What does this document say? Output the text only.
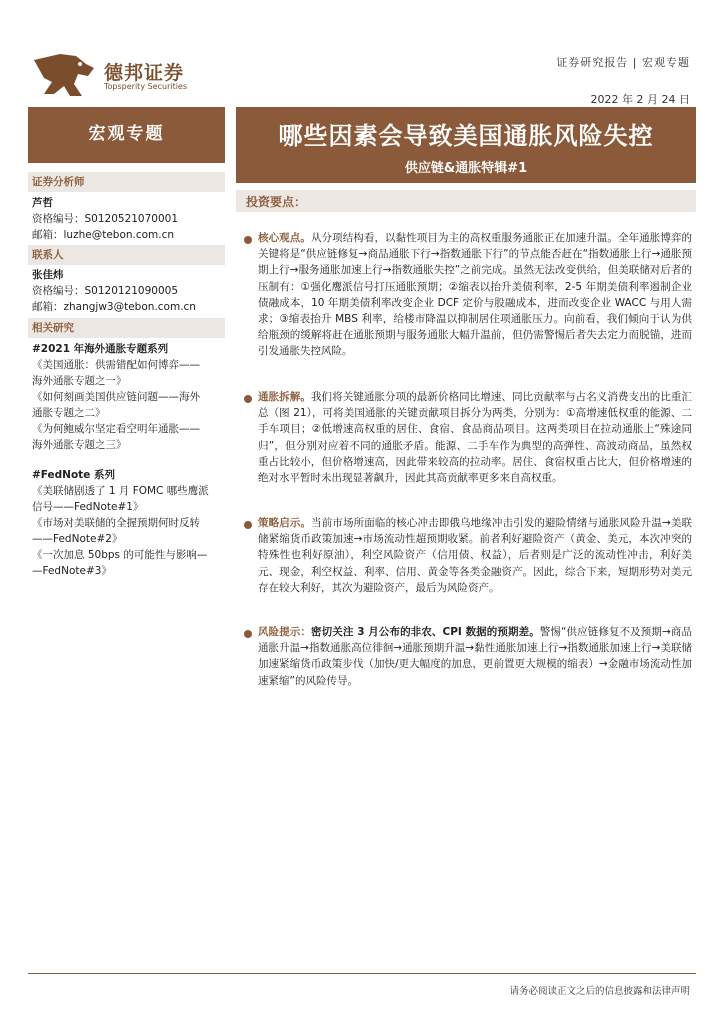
德邦证券
Topsperity Securities
证券研究报告 | 宏观专题
2022 年 2 月 24 日
宏观专题	哪些因素会导致美国通胀风险失控
供应链&通胀特辑#1
证券分析师
芦哲
资格编号：S0120521070001
邮箱：luzhe@tebon.com.cn
联系人
张佳炜
资格编号：S0120121090005
邮箱：zhangjw3@tebon.com.cn
相关研究
#2021 年海外通胀专题系列
《美国通胀：供需错配如何博弈——
海外通胀专题之一》
《如何刻画美国供应链问题——海外
通胀专题之二》
《为何鲍威尔坚定看空明年通胀——
海外通胀专题之三》
#FedNote 系列
《美联储剧透了 1 月 FOMC 哪些鹰派
信号——FedNote#1》
《市场对美联储的全握预期何时反转
——FedNote#2》
《一次加息 50bps 的可能性与影响—
—FedNote#3》
投资要点：
核心观点。从分项结构看，以黏性项目为主的高权重服务通胀正在加速升温。全年通胀博弈的关键将是“供应链修复→商品通胀下行→指数通胀下行”的节点能否赶在“指数通胀上行→通胀预期上行→服务通胀加速上行→指数通胀失控”之前完成。虽然无法改变供给，但美联储对后者的压制有：①强化鹰派信号打压通胀预期；②缩表以抬升美债利率，2-5 年期美债利率遏制企业债融成本，10 年期美债利率改变企业 DCF 定价与股融成本，进而改变企业 WACC 与用人需求；③缩表抬升 MBS 利率，给楼市降温以抑制居住项通胀压力。向前看，我们倾向于认为供给瓶颈的缓解将赶在通胀预期与服务通胀大幅升温前，但仍需警惕后者失去定力而脱锚，进而引发通胀失控风险。
通胀拆解。我们将关键通胀分项的最新价格同比增速、同比贡献率与占名义消费支出的比重汇总（图 21），可将美国通胀的关键贡献项目拆分为两类，分别为：①高增速低权重的能源、二手车项目；②低增速高权重的居住、食宿、食品商品项目。这两类项目在拉动通胀上“殊途同归”，但分别对应着不同的通胀矛盾。能源、二手车作为典型的高弹性、高波动商品，虽然权重占比较小，但价格增速高，因此带来较高的拉动率。居住、食宿权重占比大，但价格增速的绝对水平暂时未出现显著飙升，因此其高贡献率更多来自高权重。
策略启示。当前市场所面临的核心冲击即俄乌地缘冲击引发的避险情绪与通胀风险升温→美联储紧缩货币政策加速→市场流动性超预期收紧。前者利好避险资产（黄金、美元，本次冲突的特殊性也利好原油），利空风险资产（信用债、权益），后者则是广泛的流动性冲击，利好美元、现金，利空权益、利率、信用、黄金等各类金融资产。因此，综合下来，短期形势对美元存在较大利好，其次为避险资产，最后为风险资产。
风险提示：密切关注 3 月公布的非农、CPI 数据的预期差。警惕“供应链修复不及预期→商品通胀升温→指数通胀高位徘徊→通胀预期升温→黏性通胀加速上行→指数通胀加速上行→美联储加速紧缩货币政策步伐（加快/更大幅度的加息，更前置更大规模的缩表）→金融市场流动性加速紧缩”的风险传导。
请务必阅读正文之后的信息披露和法律声明
